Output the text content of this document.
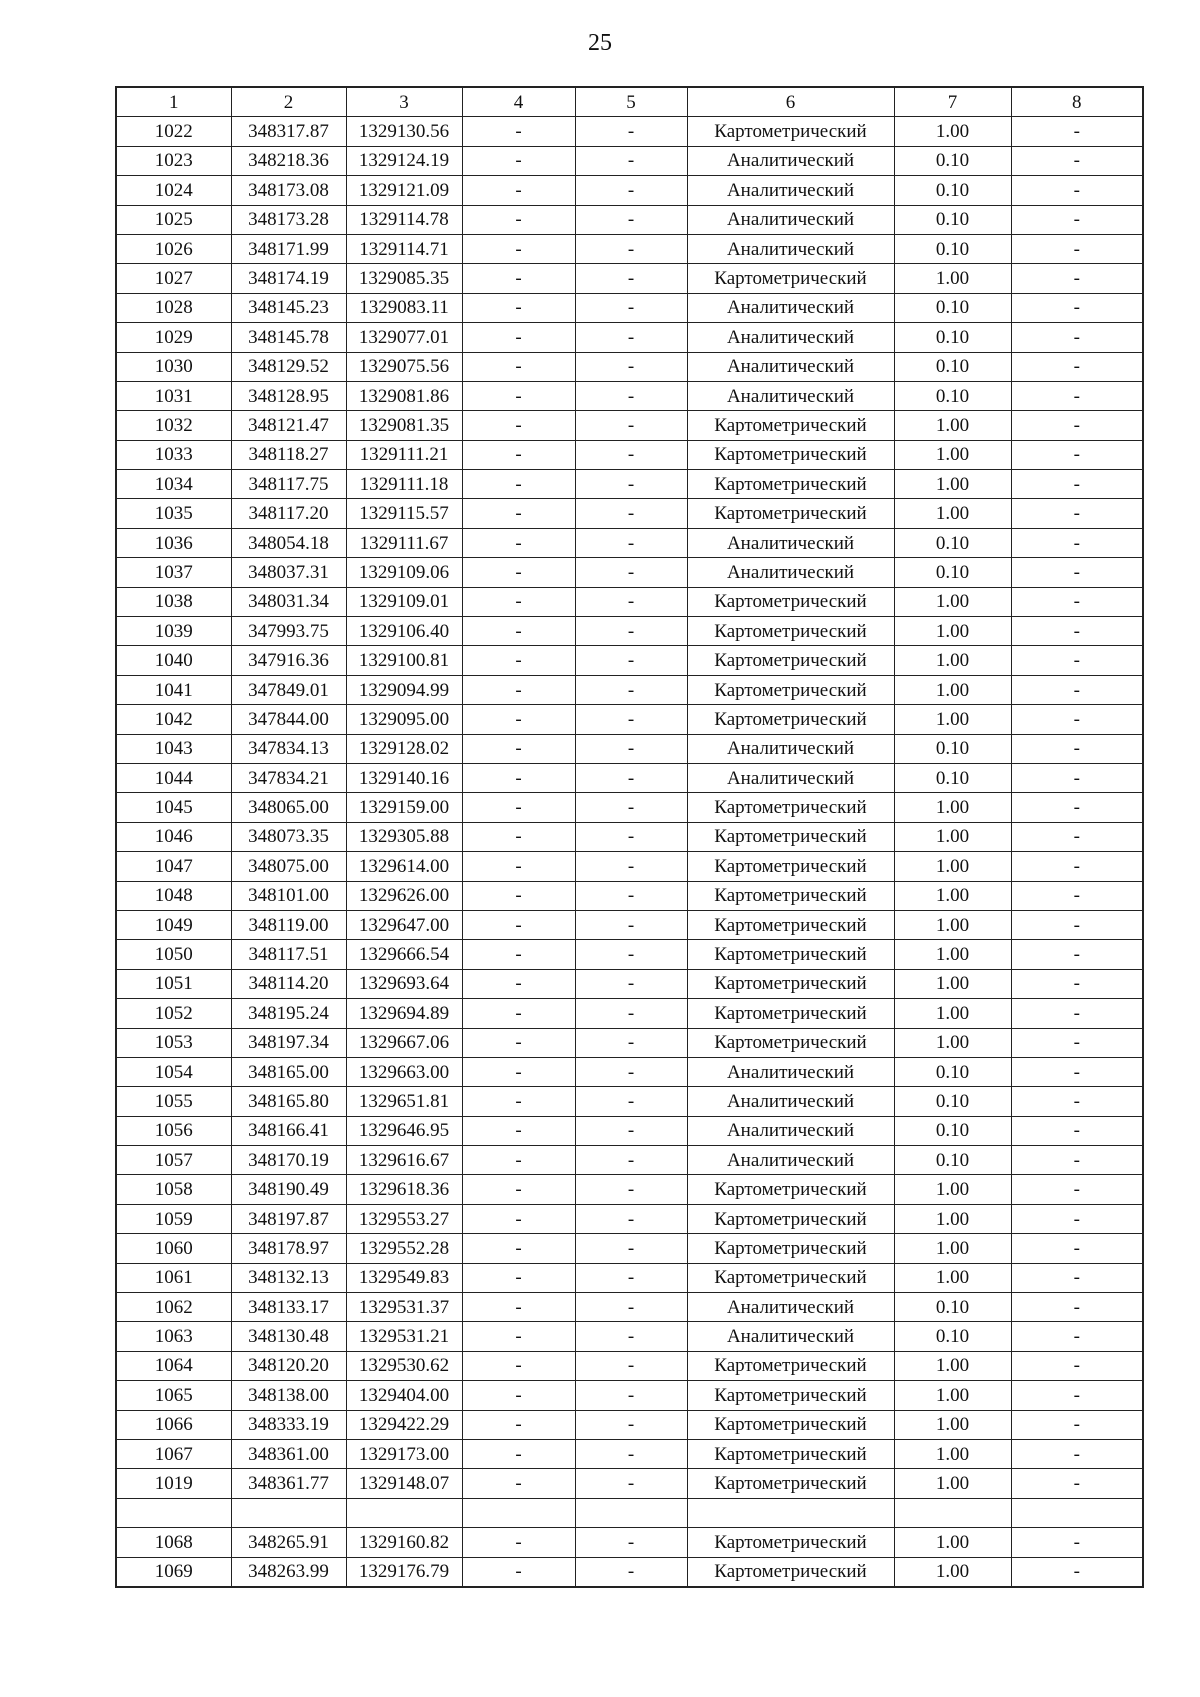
25
1	2	3	4	5	6	7	8
1022	348317.87	1329130.56	-	-	Картометрический	1.00	-
1023	348218.36	1329124.19	-	-	Аналитический	0.10	-
1024	348173.08	1329121.09	-	-	Аналитический	0.10	-
1025	348173.28	1329114.78	-	-	Аналитический	0.10	-
1026	348171.99	1329114.71	-	-	Аналитический	0.10	-
1027	348174.19	1329085.35	-	-	Картометрический	1.00	-
1028	348145.23	1329083.11	-	-	Аналитический	0.10	-
1029	348145.78	1329077.01	-	-	Аналитический	0.10	-
1030	348129.52	1329075.56	-	-	Аналитический	0.10	-
1031	348128.95	1329081.86	-	-	Аналитический	0.10	-
1032	348121.47	1329081.35	-	-	Картометрический	1.00	-
1033	348118.27	1329111.21	-	-	Картометрический	1.00	-
1034	348117.75	1329111.18	-	-	Картометрический	1.00	-
1035	348117.20	1329115.57	-	-	Картометрический	1.00	-
1036	348054.18	1329111.67	-	-	Аналитический	0.10	-
1037	348037.31	1329109.06	-	-	Аналитический	0.10	-
1038	348031.34	1329109.01	-	-	Картометрический	1.00	-
1039	347993.75	1329106.40	-	-	Картометрический	1.00	-
1040	347916.36	1329100.81	-	-	Картометрический	1.00	-
1041	347849.01	1329094.99	-	-	Картометрический	1.00	-
1042	347844.00	1329095.00	-	-	Картометрический	1.00	-
1043	347834.13	1329128.02	-	-	Аналитический	0.10	-
1044	347834.21	1329140.16	-	-	Аналитический	0.10	-
1045	348065.00	1329159.00	-	-	Картометрический	1.00	-
1046	348073.35	1329305.88	-	-	Картометрический	1.00	-
1047	348075.00	1329614.00	-	-	Картометрический	1.00	-
1048	348101.00	1329626.00	-	-	Картометрический	1.00	-
1049	348119.00	1329647.00	-	-	Картометрический	1.00	-
1050	348117.51	1329666.54	-	-	Картометрический	1.00	-
1051	348114.20	1329693.64	-	-	Картометрический	1.00	-
1052	348195.24	1329694.89	-	-	Картометрический	1.00	-
1053	348197.34	1329667.06	-	-	Картометрический	1.00	-
1054	348165.00	1329663.00	-	-	Аналитический	0.10	-
1055	348165.80	1329651.81	-	-	Аналитический	0.10	-
1056	348166.41	1329646.95	-	-	Аналитический	0.10	-
1057	348170.19	1329616.67	-	-	Аналитический	0.10	-
1058	348190.49	1329618.36	-	-	Картометрический	1.00	-
1059	348197.87	1329553.27	-	-	Картометрический	1.00	-
1060	348178.97	1329552.28	-	-	Картометрический	1.00	-
1061	348132.13	1329549.83	-	-	Картометрический	1.00	-
1062	348133.17	1329531.37	-	-	Аналитический	0.10	-
1063	348130.48	1329531.21	-	-	Аналитический	0.10	-
1064	348120.20	1329530.62	-	-	Картометрический	1.00	-
1065	348138.00	1329404.00	-	-	Картометрический	1.00	-
1066	348333.19	1329422.29	-	-	Картометрический	1.00	-
1067	348361.00	1329173.00	-	-	Картометрический	1.00	-
1019	348361.77	1329148.07	-	-	Картометрический	1.00	-

1068	348265.91	1329160.82	-	-	Картометрический	1.00	-
1069	348263.99	1329176.79	-	-	Картометрический	1.00	-
